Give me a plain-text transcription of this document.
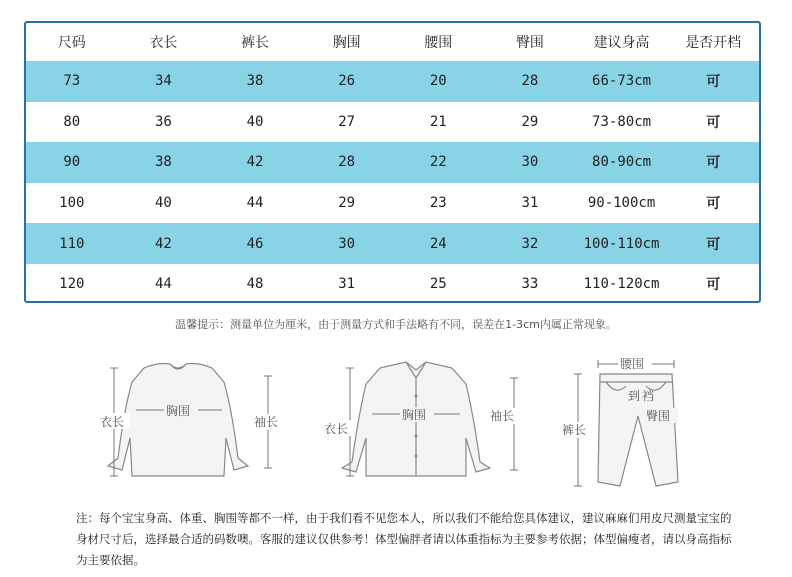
尺码	衣长	裤长	胸围	腰围	臀围	建议身高	是否开档
73	34	38	26	20	28	66-73cm	可
80	36	40	27	21	29	73-80cm	可
90	38	42	28	22	30	80-90cm	可
100	40	44	29	23	31	90-100cm	可
110	42	46	30	24	32	100-110cm	可
120	44	48	31	25	33	110-120cm	可
温馨提示：测量单位为厘米，由于测量方式和手法略有不同，误差在1-3cm内属正常现象。
衣长
胸围
袖长	衣长
胸围	袖长
腰围
到 裆
臀围
裤长
注：每个宝宝身高、体重、胸围等都不一样，由于我们看不见您本人，所以我们不能给您具体建议，建议麻麻们用皮尺测量宝宝的身材尺寸后，选择最合适的码数噢。客服的建议仅供参考！体型偏胖者请以体重指标为主要参考依据；体型偏瘦者，请以身高指标为主要依据。
